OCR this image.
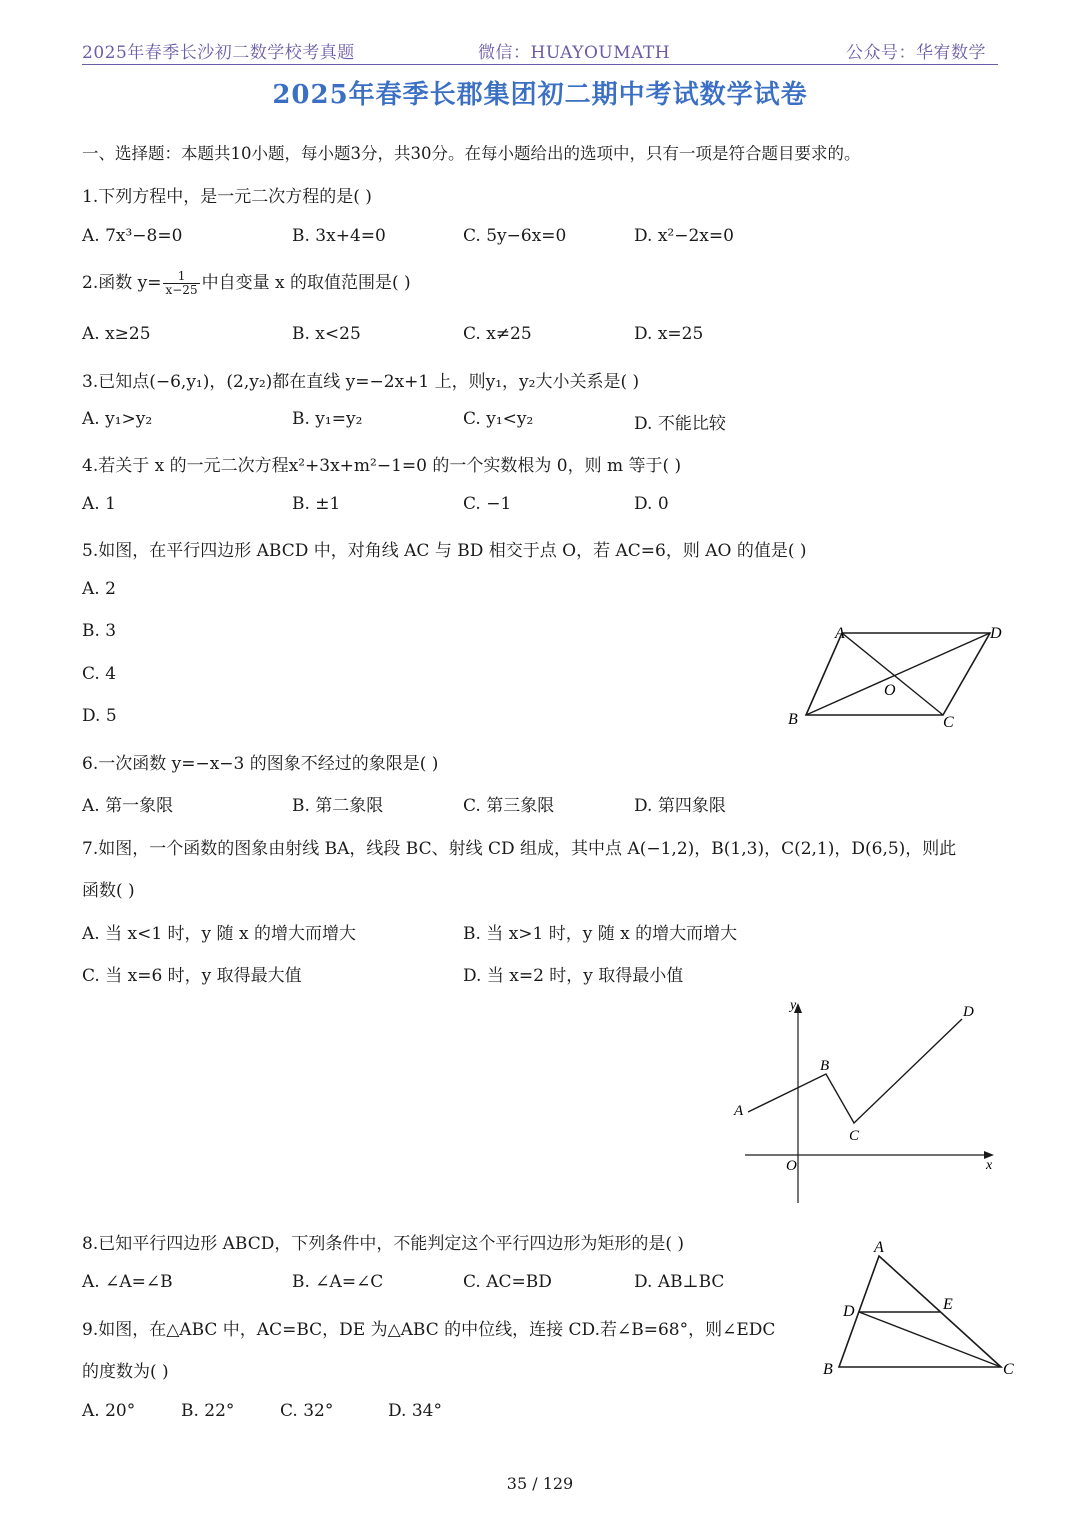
2025年春季长沙初二数学校考真题	微信：HUAYOUMATH	公众号：华宥数学
2025年春季长郡集团初二期中考试数学试卷
一、选择题：本题共10小题，每小题3分，共30分。在每小题给出的选项中，只有一项是符合题目要求的。
1.下列方程中，是一元二次方程的是( )
A. 7x³−8=0	B. 3x+4=0	C. 5y−6x=0	D. x²−2x=0
2.函数 $y= \frac{1}{x-25}$ 中自变量 x 的取值范围是( )
A. x≥25	B. x<25	C. x≠25	D. x=25
3.已知点(−6,y₁)，(2,y₂)都在直线 y=−2x+1 上，则y₁，y₂大小关系是( )
A. y₁>y₂	B. y₁=y₂	C. y₁<y₂	D. 不能比较
4.若关于 x 的一元二次方程x²+3x+m²−1=0 的一个实数根为 0，则 m 等于( )
A. 1	B. ±1	C. −1	D. 0
5.如图，在平行四边形 ABCD 中，对角线 AC 与 BD 相交于点 O，若 AC=6，则 AO 的值是( )
A. 2
B. 3
C. 4
D. 5
A	D
B	C
O
6.一次函数 y=−x−3 的图象不经过的象限是( )
A. 第一象限	B. 第二象限	C. 第三象限	D. 第四象限
7.如图，一个函数的图象由射线 BA，线段 BC、射线 CD 组成，其中点 A(−1,2)，B(1,3)，C(2,1)，D(6,5)，则此
函数( )
A. 当 x<1 时，y 随 x 的增大而增大	B. 当 x>1 时，y 随 x 的增大而增大
C. 当 x=6 时，y 取得最大值	D. 当 x=2 时，y 取得最小值
y
x
O
A
B
C
D
8.已知平行四边形 ABCD，下列条件中，不能判定这个平行四边形为矩形的是( )
A. ∠A=∠B	B. ∠A=∠C	C. AC=BD	D. AB⊥BC
9.如图，在△ABC 中，AC=BC，DE 为△ABC 的中位线，连接 CD.若∠B=68°，则∠EDC
的度数为( )
A. 20°	B. 22°	C. 32°	D. 34°
A
D	E
B	C
35 / 129
